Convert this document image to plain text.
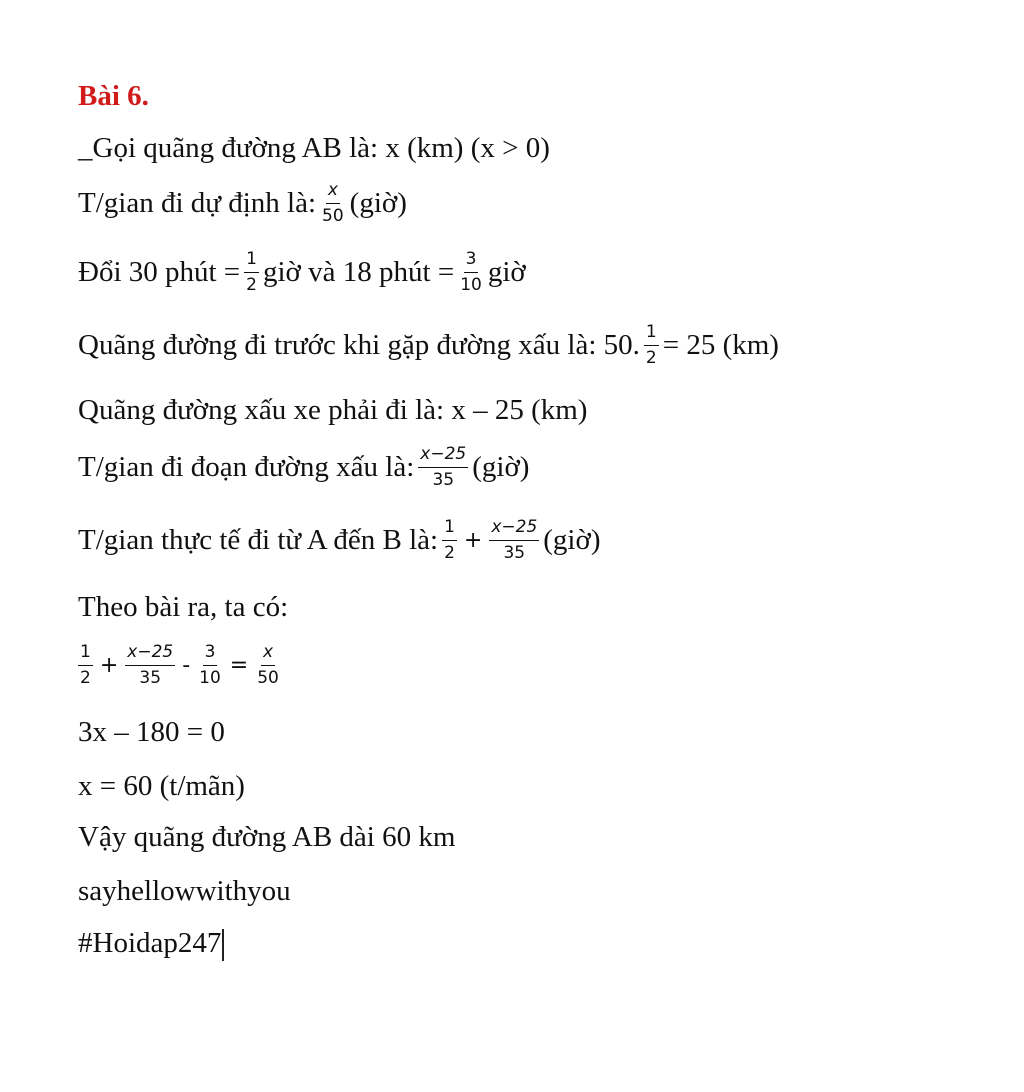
Bài 6.
_Gọi quãng đường AB là: x (km) (x > 0)
T/gian đi dự định là: $\frac{x}{50}$ (giờ)
Đổi 30 phút = $\frac{1}{2}$ giờ và 18 phút = $\frac{3}{10}$ giờ
Quãng đường đi trước khi gặp đường xấu là: 50. $\frac{1}{2} = 25$ (km)
Quãng đường xấu xe phải đi là: x – 25 (km)
T/gian đi đoạn đường xấu là: $\frac{x-25}{35}$ (giờ)
T/gian thực tế đi từ A đến B là: $\frac{1}{2} + \frac{x-25}{35}$ (giờ)
Theo bài ra, ta có:
$\frac{1}{2} + \frac{x-25}{35} - \frac{3}{10} = \frac{x}{50}$
3x – 180 = 0
x = 60 (t/mãn)
Vậy quãng đường AB dài 60 km
sayhellowwithyou
#Hoidap247
